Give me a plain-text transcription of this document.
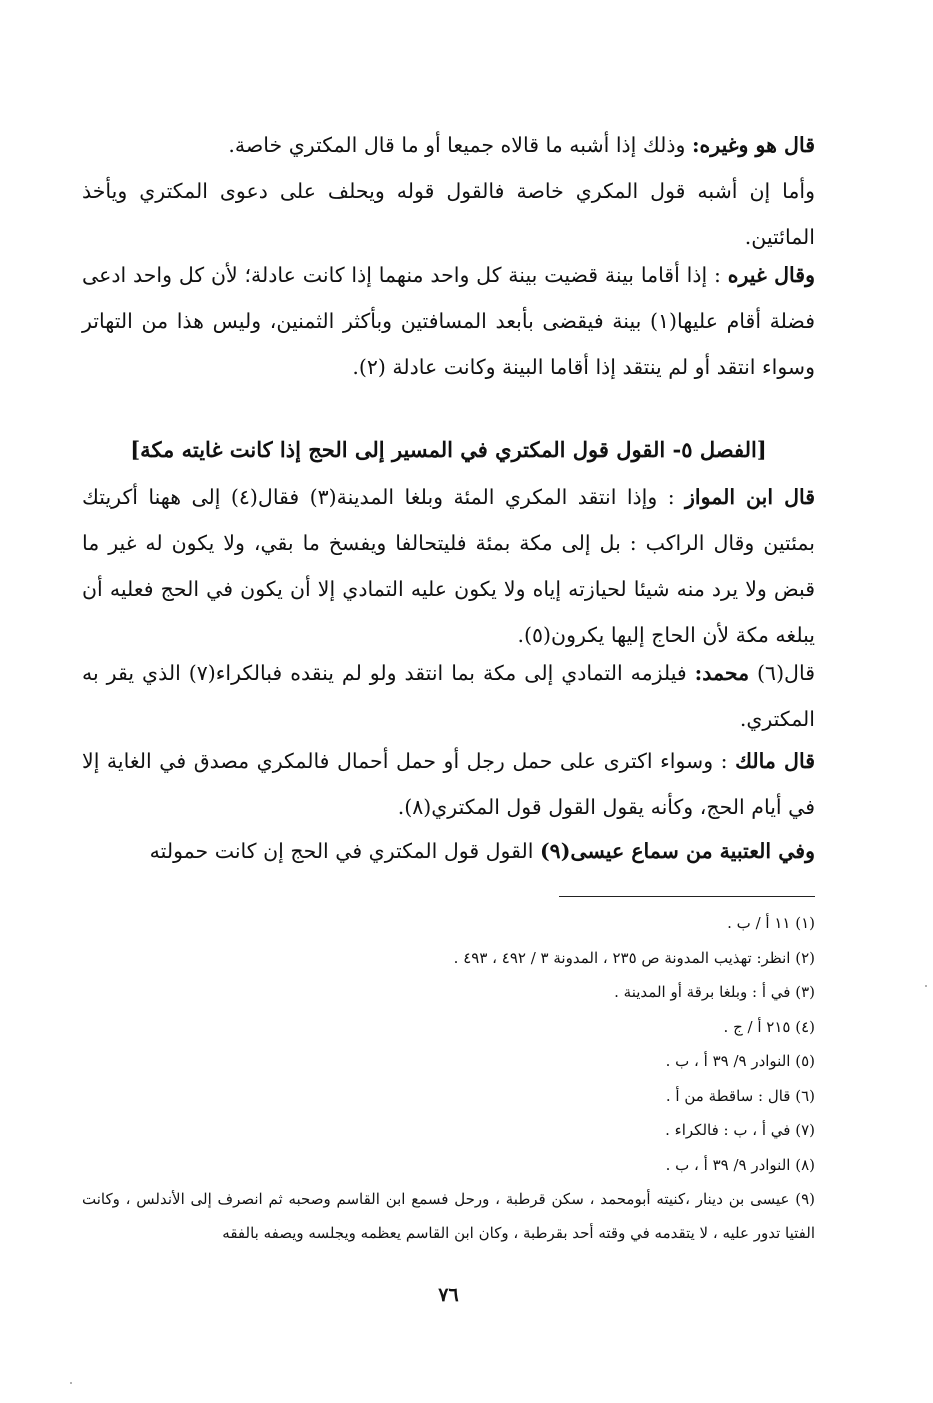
قال هو وغيره: وذلك إذا أشبه ما قالاه جميعا أو ما قال المكتري خاصة.

وأما إن أشبه قول المكري خاصة فالقول قوله ويحلف على دعوى المكتري ويأخذ المائتين.

وقال غيره : إذا أقاما بينة قضيت بينة كل واحد منهما إذا كانت عادلة؛ لأن كل واحد ادعى فضلة أقام عليها(١) بينة فيقضى بأبعد المسافتين وبأكثر الثمنين، وليس هذا من التهاتر وسواء انتقد أو لم ينتقد إذا أقاما البينة وكانت عادلة (٢).

[الفصل ٥- القول قول المكتري في المسير إلى الحج إذا كانت غايته مكة]

قال ابن المواز : وإذا انتقد المكري المئة وبلغا المدينة(٣) فقال(٤) إلى ههنا أكريتك بمئتين وقال الراكب : بل إلى مكة بمئة فليتحالفا ويفسخ ما بقي، ولا يكون له غير ما قبض ولا يرد منه شيئا لحيازته إياه ولا يكون عليه التمادي إلا أن يكون في الحج فعليه أن يبلغه مكة لأن الحاج إليها يكرون(٥).

قال(٦) محمد: فيلزمه التمادي إلى مكة بما انتقد ولو لم ينقده فبالكراء(٧) الذي يقر به المكتري.

قال مالك : وسواء اكترى على حمل رجل أو حمل أحمال فالمكري مصدق في الغاية إلا في أيام الحج، وكأنه يقول القول قول المكتري(٨).

وفي العتبية من سماع عيسى(٩) القول قول المكتري في الحج إن كانت حمولته

(١) ١١ أ / ب .

(٢) انظر: تهذيب المدونة ص ٢٣٥ ، المدونة ٣ / ٤٩٢ ، ٤٩٣ .

(٣) في أ : وبلغا برقة أو المدينة .

(٤) ٢١٥ أ / ج .

(٥) النوادر ٩/ ٣٩ أ ، ب .

(٦) قال : ساقطة من أ .

(٧) في أ ، ب : فالكراء .

(٨) النوادر ٩/ ٣٩ أ ، ب .

(٩) عيسى بن دينار ،كنيته أبومحمد ، سكن قرطبة ، ورحل فسمع ابن القاسم وصحبه ثم انصرف إلى الأندلس ، وكانت الفتيا تدور عليه ، لا يتقدمه في وقته أحد بقرطبة ، وكان ابن القاسم يعظمه ويجلسه ويصفه بالفقه

٧٦
